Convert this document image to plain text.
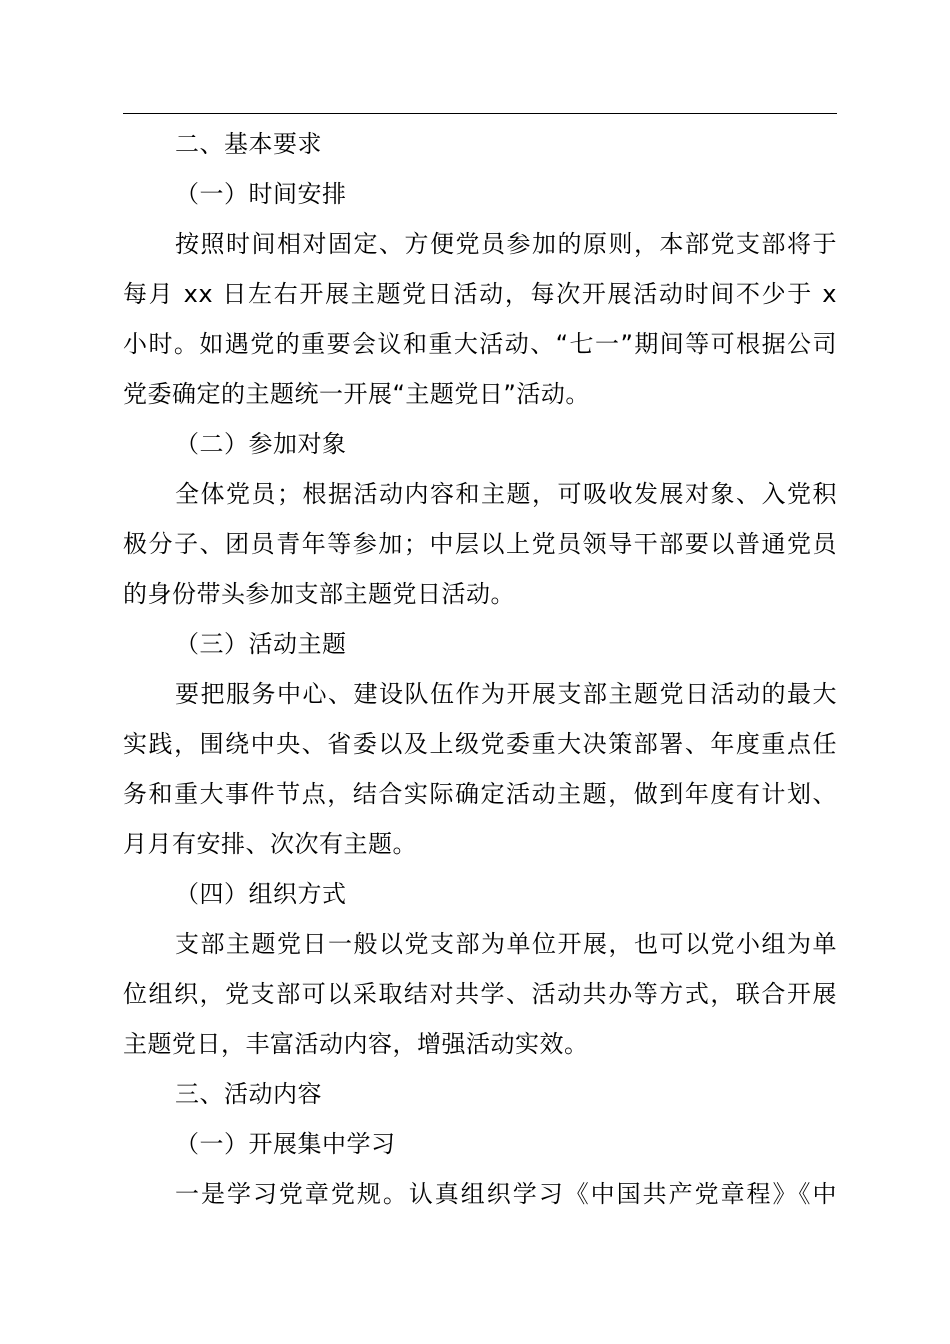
二、基本要求

（一）时间安排

按照时间相对固定、方便党员参加的原则，本部党支部将于
每月 xx 日左右开展主题党日活动，每次开展活动时间不少于 x
小时。如遇党的重要会议和重大活动、“七一”期间等可根据公司
党委确定的主题统一开展“主题党日”活动。

（二）参加对象

全体党员；根据活动内容和主题，可吸收发展对象、入党积
极分子、团员青年等参加；中层以上党员领导干部要以普通党员
的身份带头参加支部主题党日活动。

（三）活动主题

要把服务中心、建设队伍作为开展支部主题党日活动的最大
实践，围绕中央、省委以及上级党委重大决策部署、年度重点任
务和重大事件节点，结合实际确定活动主题，做到年度有计划、
月月有安排、次次有主题。

（四）组织方式

支部主题党日一般以党支部为单位开展，也可以党小组为单
位组织，党支部可以采取结对共学、活动共办等方式，联合开展
主题党日，丰富活动内容，增强活动实效。

三、活动内容

（一）开展集中学习

一是学习党章党规。认真组织学习《中国共产党章程》《中
